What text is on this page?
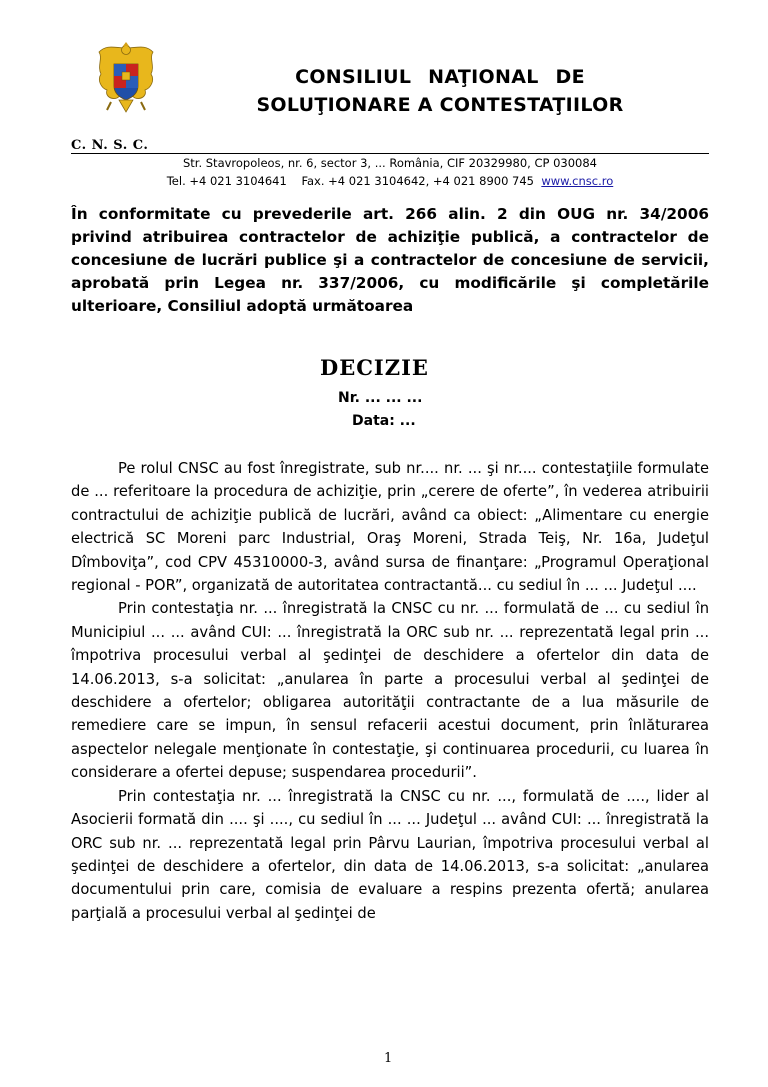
CONSILIUL NAŢIONAL DE
SOLUŢIONARE A CONTESTAŢIILOR
C. N. S. C.
Str. Stavropoleos, nr. 6, sector 3, ... România, CIF 20329980, CP 030084
Tel. +4 021 3104641 Fax. +4 021 3104642, +4 021 8900 745 www.cnsc.ro

În conformitate cu prevederile art. 266 alin. 2 din OUG nr. 34/2006 privind atribuirea contractelor de achiziţie publică, a contractelor de concesiune de lucrări publice şi a contractelor de concesiune de servicii, aprobată prin Legea nr. 337/2006, cu modificările şi completările ulterioare, Consiliul adoptă următoarea

DECIZIE
Nr. ... ... ...
Data: ...

Pe rolul CNSC au fost înregistrate, sub nr.... nr. ... şi nr.... contestaţiile formulate de ... referitoare la procedura de achiziţie, prin „cerere de oferte”, în vederea atribuirii contractului de achiziţie publică de lucrări, având ca obiect: „Alimentare cu energie electrică SC Moreni parc Industrial, Oraş Moreni, Strada Teiş, Nr. 16a, Judeţul Dîmboviţa”, cod CPV 45310000-3, având sursa de finanţare: „Programul Operaţional regional - POR”, organizată de autoritatea contractantă... cu sediul în ... ... Judeţul ....

Prin contestaţia nr. ... înregistrată la CNSC cu nr. ... formulată de ... cu sediul în Municipiul ... ... având CUI: ... înregistrată la ORC sub nr. ... reprezentată legal prin ... împotriva procesului verbal al şedinţei de deschidere a ofertelor din data de 14.06.2013, s-a solicitat: „anularea în parte a procesului verbal al şedinţei de deschidere a ofertelor; obligarea autorităţii contractante de a lua măsurile de remediere care se impun, în sensul refacerii acestui document, prin înlăturarea aspectelor nelegale menţionate în contestaţie, şi continuarea procedurii, cu luarea în considerare a ofertei depuse; suspendarea procedurii”.

Prin contestaţia nr. ... înregistrată la CNSC cu nr. ..., formulată de ...., lider al Asocierii formată din .... şi ...., cu sediul în ... ... Judeţul ... având CUI: ... înregistrată la ORC sub nr. ... reprezentată legal prin Pârvu Laurian, împotriva procesului verbal al şedinţei de deschidere a ofertelor, din data de 14.06.2013, s-a solicitat: „anularea documentului prin care, comisia de evaluare a respins prezenta ofertă; anularea parţială a procesului verbal al şedinţei de

1
